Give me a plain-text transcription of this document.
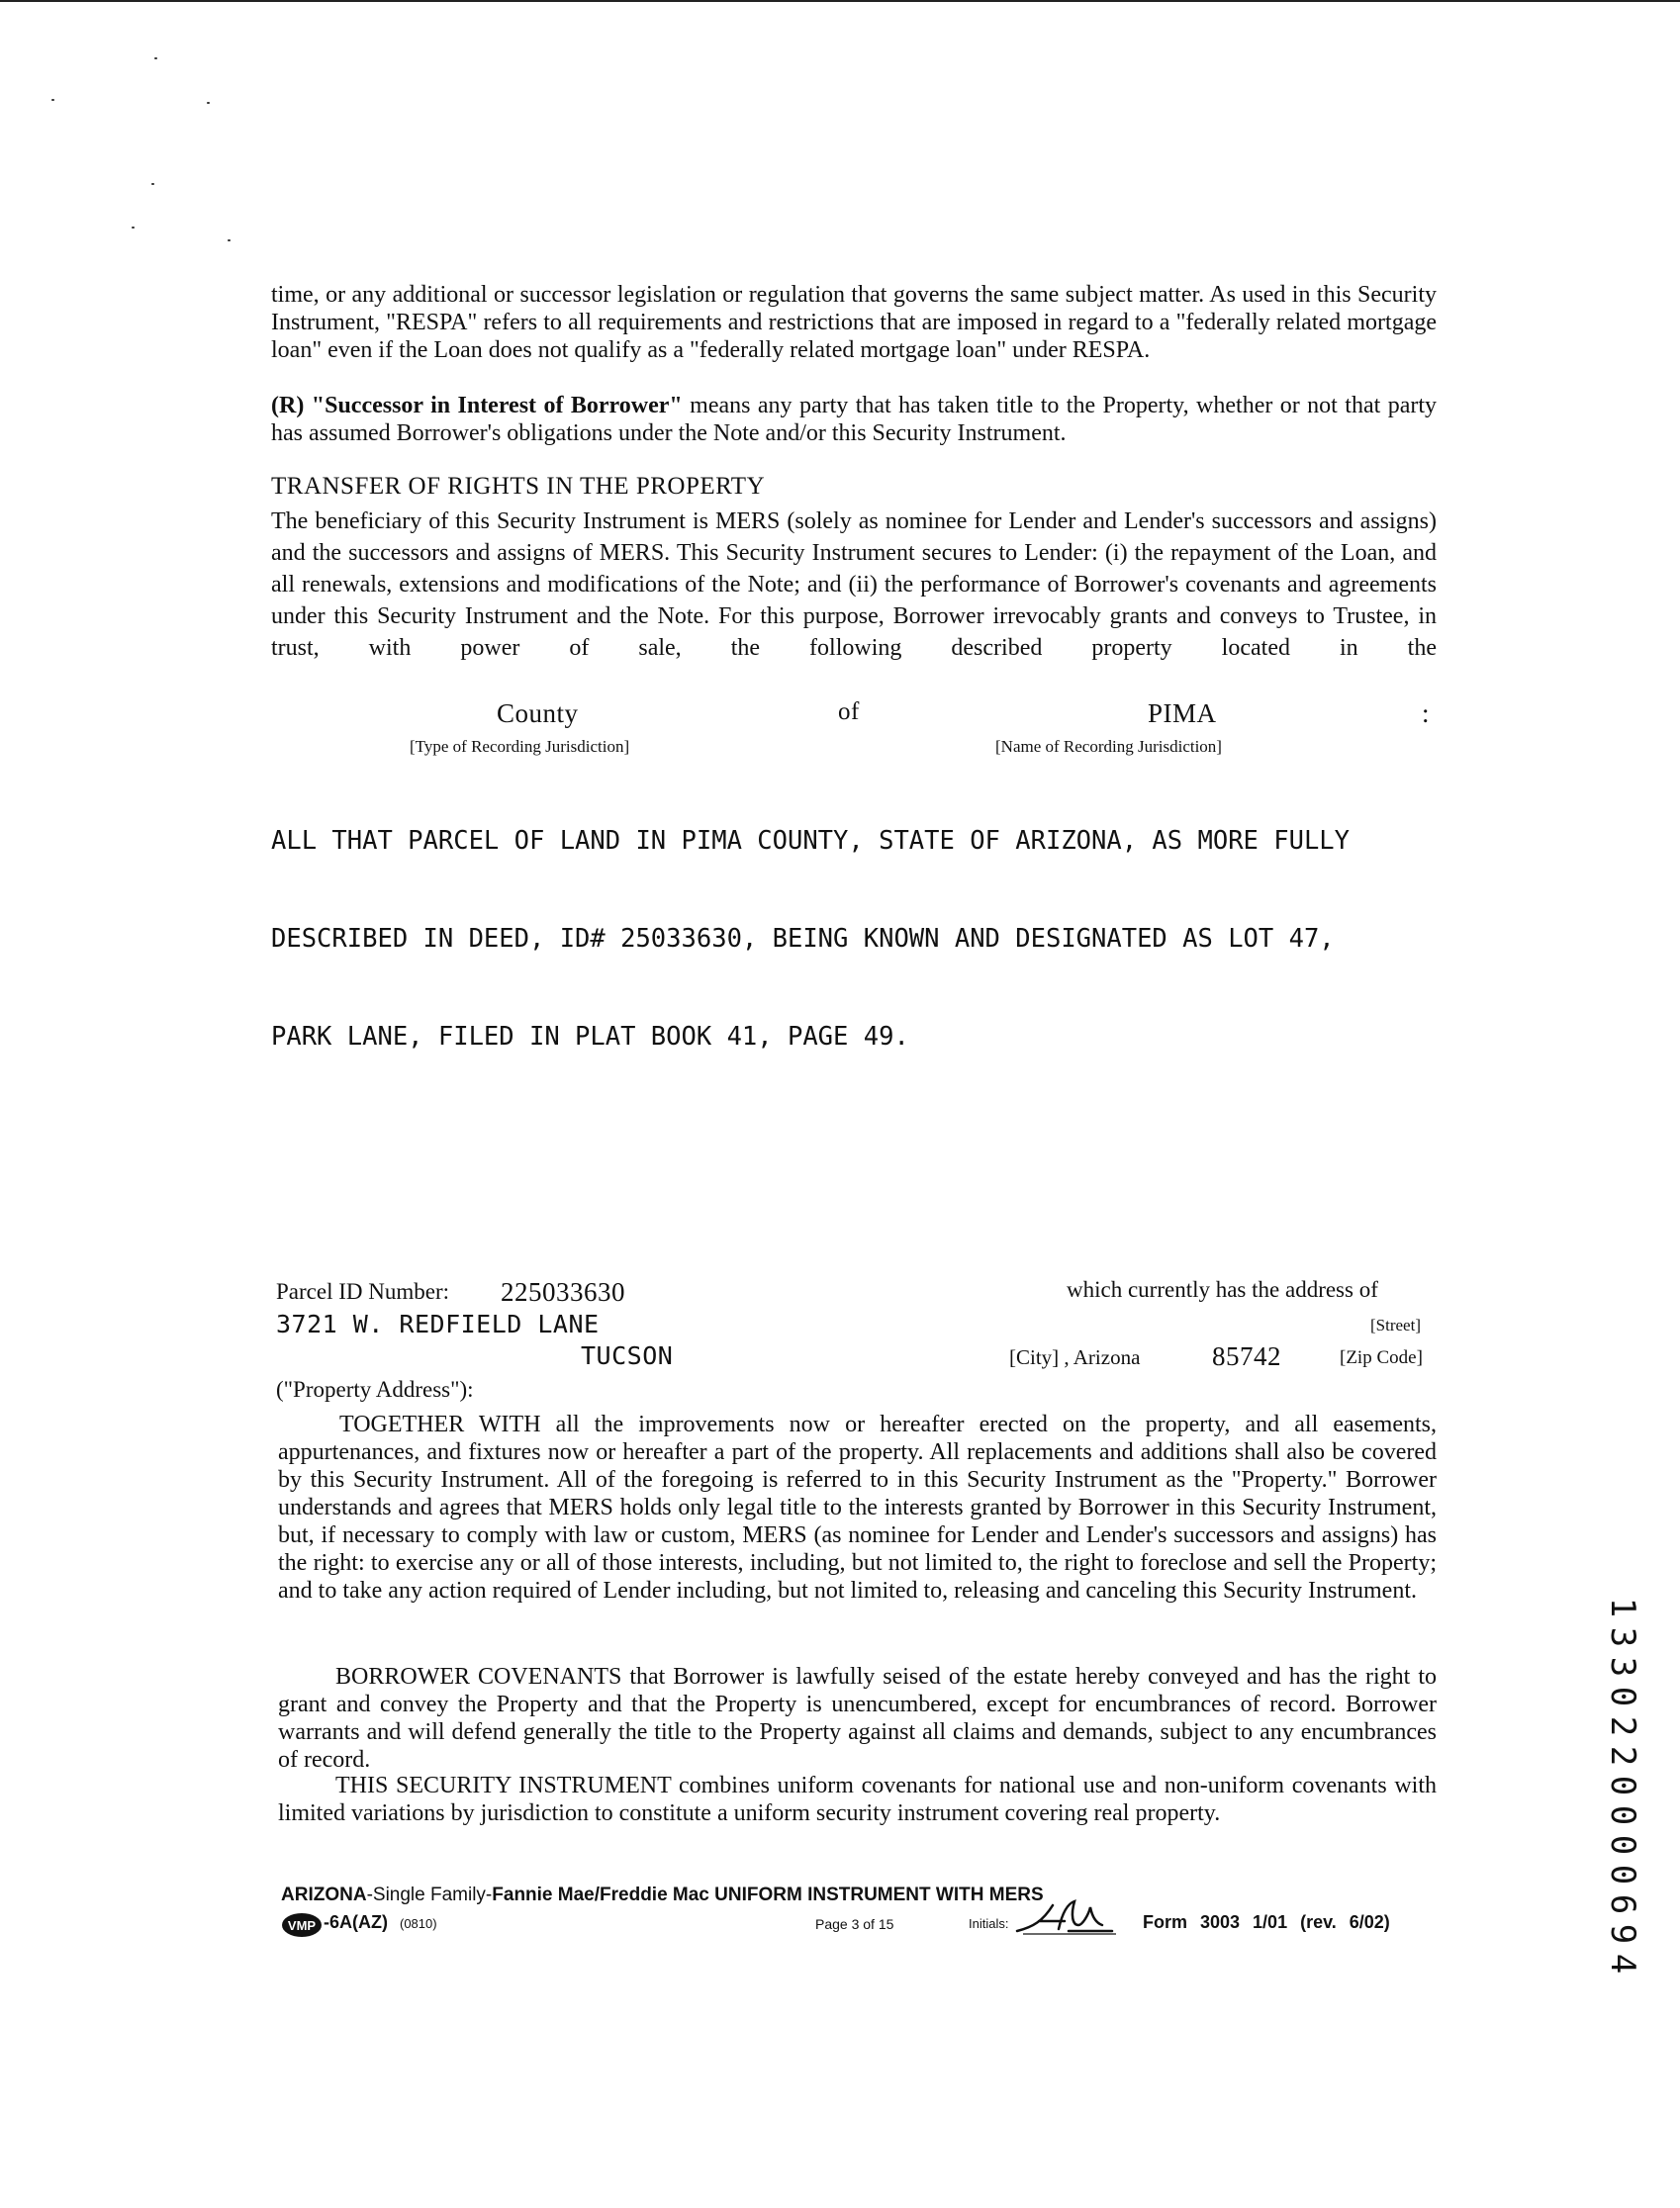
time, or any additional or successor legislation or regulation that governs the same subject matter. As used in this Security Instrument, "RESPA" refers to all requirements and restrictions that are imposed in regard to a "federally related mortgage loan" even if the Loan does not qualify as a "federally related mortgage loan" under RESPA.

(R) "Successor in Interest of Borrower" means any party that has taken title to the Property, whether or not that party has assumed Borrower's obligations under the Note and/or this Security Instrument.

TRANSFER OF RIGHTS IN THE PROPERTY

The beneficiary of this Security Instrument is MERS (solely as nominee for Lender and Lender's successors and assigns) and the successors and assigns of MERS. This Security Instrument secures to Lender: (i) the repayment of the Loan, and all renewals, extensions and modifications of the Note; and (ii) the performance of Borrower's covenants and agreements under this Security Instrument and the Note. For this purpose, Borrower irrevocably grants and conveys to Trustee, in trust, with power of sale, the following described property located in the

County	of	PIMA	:
[Type of Recording Jurisdiction]	[Name of Recording Jurisdiction]

ALL THAT PARCEL OF LAND IN PIMA COUNTY, STATE OF ARIZONA, AS MORE FULLY

DESCRIBED IN DEED, ID# 25033630, BEING KNOWN AND DESIGNATED AS LOT 47,

PARK LANE, FILED IN PLAT BOOK 41, PAGE 49.

Parcel ID Number: 225033630	which currently has the address of
3721 W. REDFIELD LANE	[Street]
TUCSON	[City] , Arizona	85742	[Zip Code]
("Property Address"):

TOGETHER WITH all the improvements now or hereafter erected on the property, and all easements, appurtenances, and fixtures now or hereafter a part of the property. All replacements and additions shall also be covered by this Security Instrument. All of the foregoing is referred to in this Security Instrument as the "Property." Borrower understands and agrees that MERS holds only legal title to the interests granted by Borrower in this Security Instrument, but, if necessary to comply with law or custom, MERS (as nominee for Lender and Lender's successors and assigns) has the right: to exercise any or all of those interests, including, but not limited to, the right to foreclose and sell the Property; and to take any action required of Lender including, but not limited to, releasing and canceling this Security Instrument.

BORROWER COVENANTS that Borrower is lawfully seised of the estate hereby conveyed and has the right to grant and convey the Property and that the Property is unencumbered, except for encumbrances of record. Borrower warrants and will defend generally the title to the Property against all claims and demands, subject to any encumbrances of record.

THIS SECURITY INSTRUMENT combines uniform covenants for national use and non-uniform covenants with limited variations by jurisdiction to constitute a uniform security instrument covering real property.

ARIZONA-Single Family-Fannie Mae/Freddie Mac UNIFORM INSTRUMENT WITH MERS
VMP -6A(AZ) (0810)	Page 3 of 15	Initials:	Form 3003 1/01 (rev. 6/02)
1
3
3
0
2
2
0
0
0
0
6
9
4
